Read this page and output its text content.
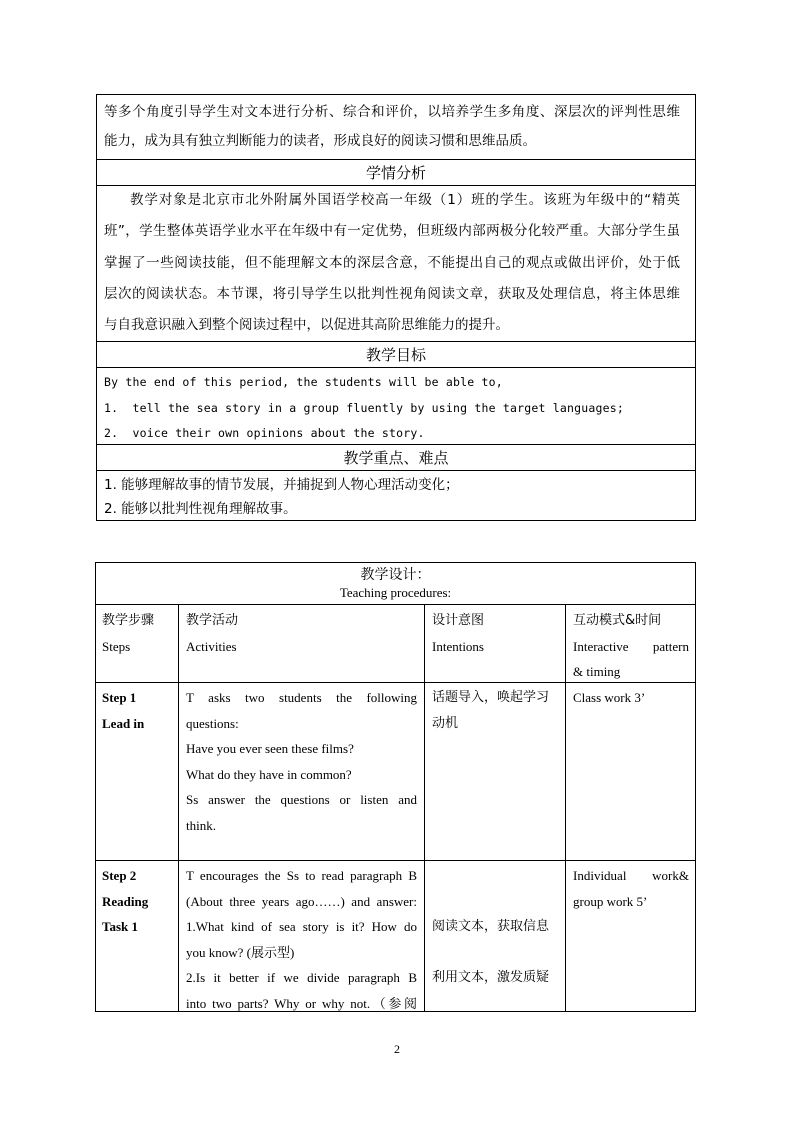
等多个角度引导学生对文本进行分析、综合和评价，以培养学生多角度、深层次的评判性思维
能力，成为具有独立判断能力的读者，形成良好的阅读习惯和思维品质。
学情分析
教学对象是北京市北外附属外国语学校高一年级（1）班的学生。该班为年级中的“精英
班”，学生整体英语学业水平在年级中有一定优势，但班级内部两极分化较严重。大部分学生虽
掌握了一些阅读技能，但不能理解文本的深层含意，不能提出自己的观点或做出评价，处于低
层次的阅读状态。本节课，将引导学生以批判性视角阅读文章，获取及处理信息，将主体思维
与自我意识融入到整个阅读过程中，以促进其高阶思维能力的提升。
教学目标
By the end of this period, the students will be able to,
1.  tell the sea story in a group fluently by using the target languages;
2.  voice their own opinions about the story.
教学重点、难点
1. 能够理解故事的情节发展，并捕捉到人物心理活动变化；
2. 能够以批判性视角理解故事。
教学设计：
Teaching procedures:
教学步骤
Steps
教学活动
Activities
设计意图
Intentions
互动模式&时间
Interactive pattern
& timing
Step 1
Lead in
T asks two students the following
questions:
Have you ever seen these films?
What do they have in common?
Ss answer the questions or listen and
think.
话题导入，唤起学习
动机
Class work 3’
Step 2
Reading
Task 1
T encourages the Ss to read paragraph B
(About three years ago……) and answer:
1.What kind of sea story is it? How do
you know? (展示型)
2.Is it better if we divide paragraph B
into two parts? Why or why not.（参阅
阅读文本，获取信息
利用文本，激发质疑
Individual work&
group work 5’
2
